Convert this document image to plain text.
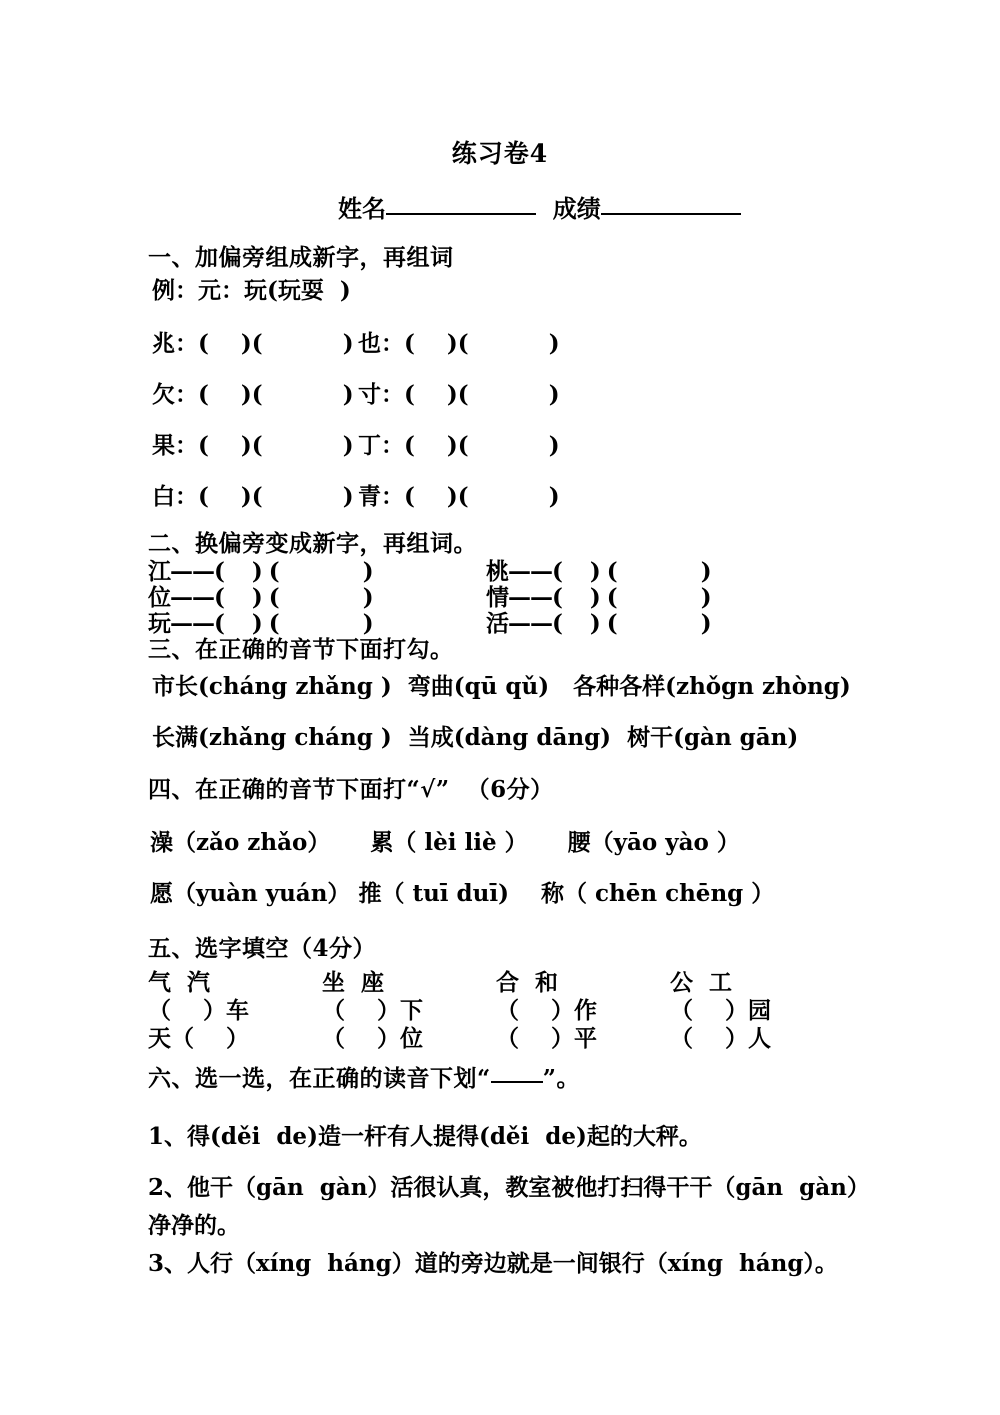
练习卷4
姓名	成绩
一、加偏旁组成新字，再组词
例：元：玩(玩耍  )
兆：(    )(          ) 也：(    )(          )
欠：(    )(          ) 寸：(    )(          )
果：(    )(          ) 丁：(    )(          )
白：(    )(          ) 青：(    )(          )
二、换偏旁变成新字，再组词。
江——(    ) (            )	桃——(    ) (            )
位——(    ) (            )	情——(    ) (            )
玩——(    ) (            )	活——(    ) (            )
三、在正确的音节下面打勾。
市长(cháng zhǎng )  弯曲(qū qǔ)   各种各样(zhǒgn zhòng)
长满(zhǎng cháng )  当成(dàng dāng)  树干(gàn gān)
四、在正确的音节下面打“√”  （6分）
澡（zǎo zhǎo）     累（ lèi liè ）     腰（yāo yào ）
愿（yuàn yuán） 推（ tuī duī)    称（ chēn chēng ）
五、选字填空（4分）
气  汽	坐  座	合  和	公  工
（    ）车	（    ）下	（    ）作	（    ）园
天（    ）	（    ）位	（    ）平	（    ）人
六、选一选，在正确的读音下划“ ”。
1、得(děi  de)造一杆有人提得(děi  de)起的大秤。
2、他干（gān  gàn）活很认真，教室被他打扫得干干（gān  gàn）
净净的。
3、人行（xíng  háng）道的旁边就是一间银行（xíng  háng）。
